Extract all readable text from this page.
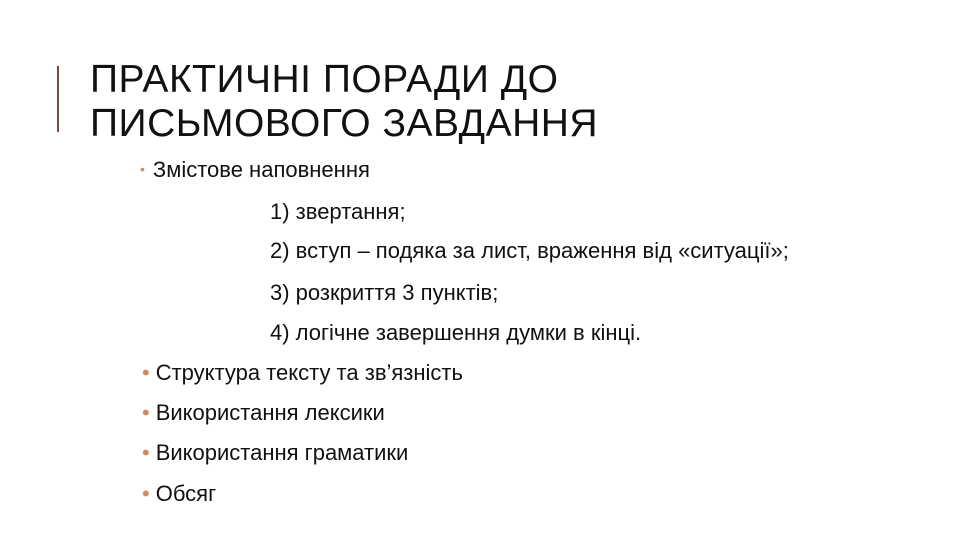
ПРАКТИЧНІ ПОРАДИ ДО
ПИСЬМОВОГО ЗАВДАННЯ
• Змістове наповнення
1) звертання;
2) вступ – подяка за лист, враження від «ситуації»;
3) розкриття 3 пунктів;
4) логічне завершення думки в кінці.
• Структура тексту та зв’язність
• Використання лексики
• Використання граматики
• Обсяг
